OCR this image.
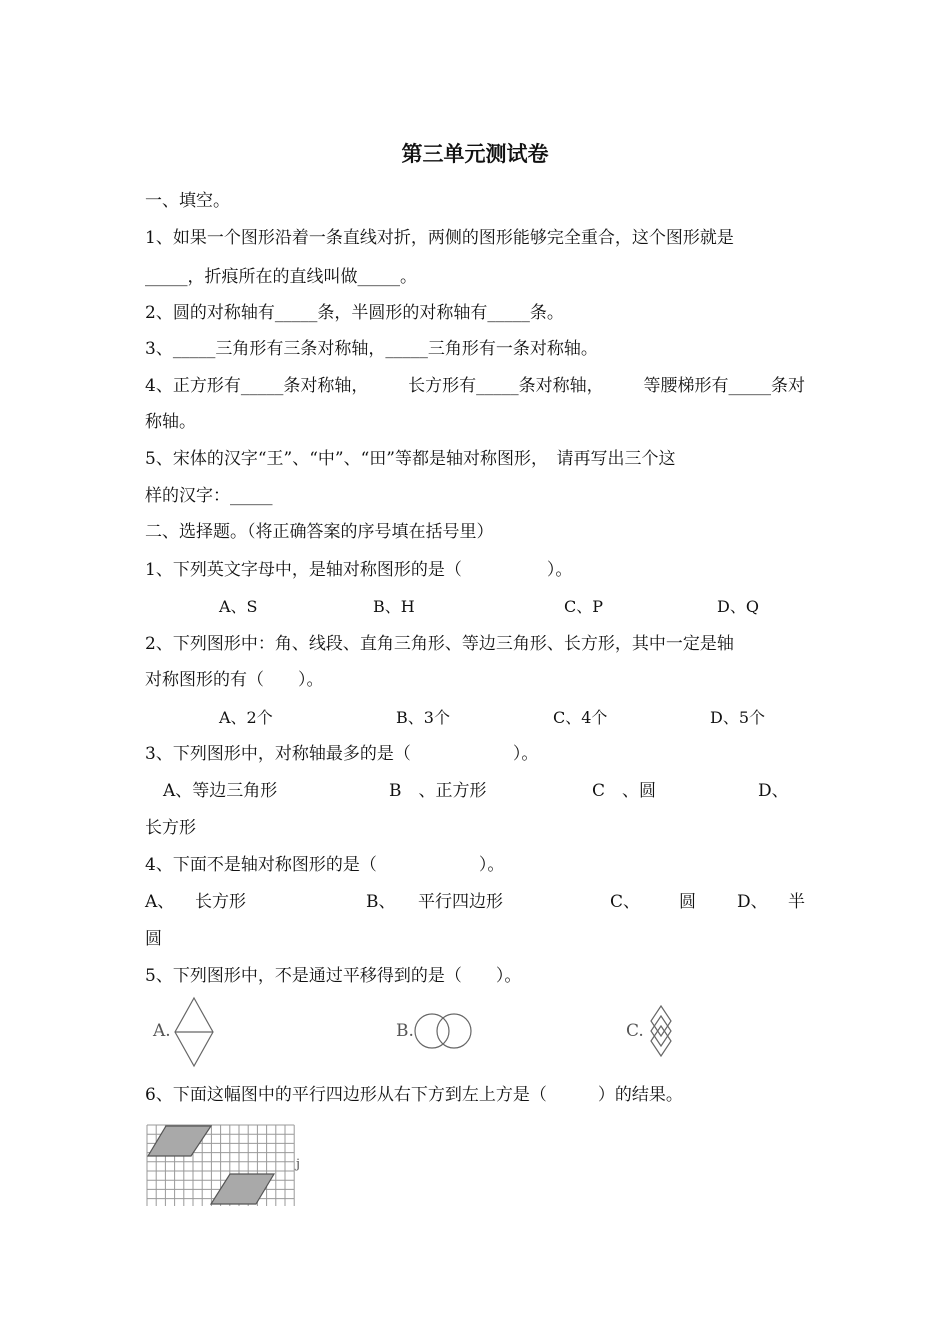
第三单元测试卷
一、填空。
1、如果一个图形沿着一条直线对折，两侧的图形能够完全重合，这个图形就是
_____，折痕所在的直线叫做_____。
2、圆的对称轴有_____条，半圆形的对称轴有_____条。
3、_____三角形有三条对称轴，_____三角形有一条对称轴。
4、正方形有_____条对称轴， 长方形有_____条对称轴， 等腰梯形有_____条对
称轴。
5、宋体的汉字“王”、“中”、“田”等都是轴对称图形，　请再写出三个这
样的汉字：_____
二、选择题。（将正确答案的序号填在括号里）
1、下列英文字母中，是轴对称图形的是（　　　　　）。
A、S	B、H	C、P	D、Q
2、下列图形中：角、线段、直角三角形、等边三角形、长方形，其中一定是轴
对称图形的有（　　）。
A、2个	B、3个	C、4个	D、5个
3、下列图形中，对称轴最多的是（　　　　　　）。
A、等边三角形	B　、正方形	C　、圆	D、
长方形
4、下面不是轴对称图形的是（　　　　　　）。
A、 长方形	B、 平行四边形	C、 圆 D、 半
圆
5、下列图形中，不是通过平移得到的是（　　）。
A.	B.	C.
6、下面这幅图中的平行四边形从右下方到左上方是（　　　）的结果。
j
